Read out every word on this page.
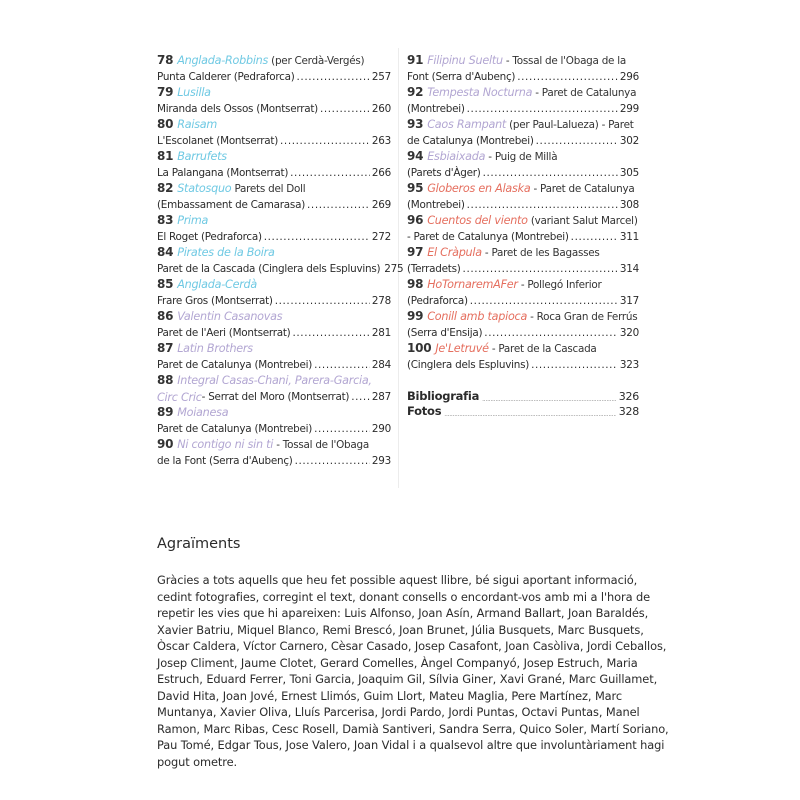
78 Anglada-Robbins (per Cerdà-Vergés)
Punta Calderer (Pedraforca) .....	257
79 Lusilla
Miranda dels Ossos (Montserrat) .....	260
80 Raisam
L'Escolanet (Montserrat) .....	263
81 Barrufets
La Palangana (Montserrat) .....	266
82 Statosquo Parets del Doll
(Embassament de Camarasa) .....	269
83 Prima
El Roget (Pedraforca) .....	272
84 Pirates de la Boira
Paret de la Cascada (Cinglera dels Espluvins) 275
85 Anglada-Cerdà
Frare Gros (Montserrat) .....	278
86 Valentin Casanovas
Paret de l'Aeri (Montserrat) .....	281
87 Latin Brothers
Paret de Catalunya (Montrebei) .....	284
88 Integral Casas-Chani, Parera-Garcia,
Circ Cric - Serrat del Moro (Montserrat) ..... 287
89 Moianesa
Paret de Catalunya (Montrebei) .....	290
90 Ni contigo ni sin ti - Tossal de l'Obaga
de la Font (Serra d'Aubenç) .....	293
91 Filipinu Sueltu - Tossal de l'Obaga de la
Font (Serra d'Aubenç) .....	296
92 Tempesta Nocturna - Paret de Catalunya
(Montrebei) .....	299
93 Caos Rampant (per Paul-Lalueza) - Paret
de Catalunya (Montrebei) .....	302
94 Esbiaixada - Puig de Millà
(Parets d'Àger) .....	305
95 Globeros en Alaska - Paret de Catalunya
(Montrebei) .....	308
96 Cuentos del viento (variant Salut Marcel)
- Paret de Catalunya (Montrebei) .....	311
97 El Cràpula - Paret de les Bagasses
(Terradets) .....	314
98 HoTornaremAFer - Pollegó Inferior
(Pedraforca) .....	317
99 Conill amb tapioca - Roca Gran de Ferrús
(Serra d'Ensija) .....	320
100 Je'Letruvé - Paret de la Cascada
(Cinglera dels Espluvins) .....	323
Bibliografia .....	326
Fotos .....	328
Agraïments
Gràcies a tots aquells que heu fet possible aquest llibre, bé sigui aportant informació,
cedint fotografies, corregint el text, donant consells o encordant-vos amb mi a l'hora de
repetir les vies que hi apareixen: Luis Alfonso, Joan Asín, Armand Ballart, Joan Baraldés,
Xavier Batriu, Miquel Blanco, Remi Brescó, Joan Brunet, Júlia Busquets, Marc Busquets,
Òscar Caldera, Víctor Carnero, Cèsar Casado, Josep Casafont, Joan Casòliva, Jordi Ceballos,
Josep Climent, Jaume Clotet, Gerard Comelles, Àngel Companyó, Josep Estruch, Maria
Estruch, Eduard Ferrer, Toni Garcia, Joaquim Gil, Sílvia Giner, Xavi Grané, Marc Guillamet,
David Hita, Joan Jové, Ernest Llimós, Guim Llort, Mateu Maglia, Pere Martínez, Marc
Muntanya, Xavier Oliva, Lluís Parcerisa, Jordi Pardo, Jordi Puntas, Octavi Puntas, Manel
Ramon, Marc Ribas, Cesc Rosell, Damià Santiveri, Sandra Serra, Quico Soler, Martí Soriano,
Pau Tomé, Edgar Tous, Jose Valero, Joan Vidal i a qualsevol altre que involuntàriament hagi
pogut ometre.
